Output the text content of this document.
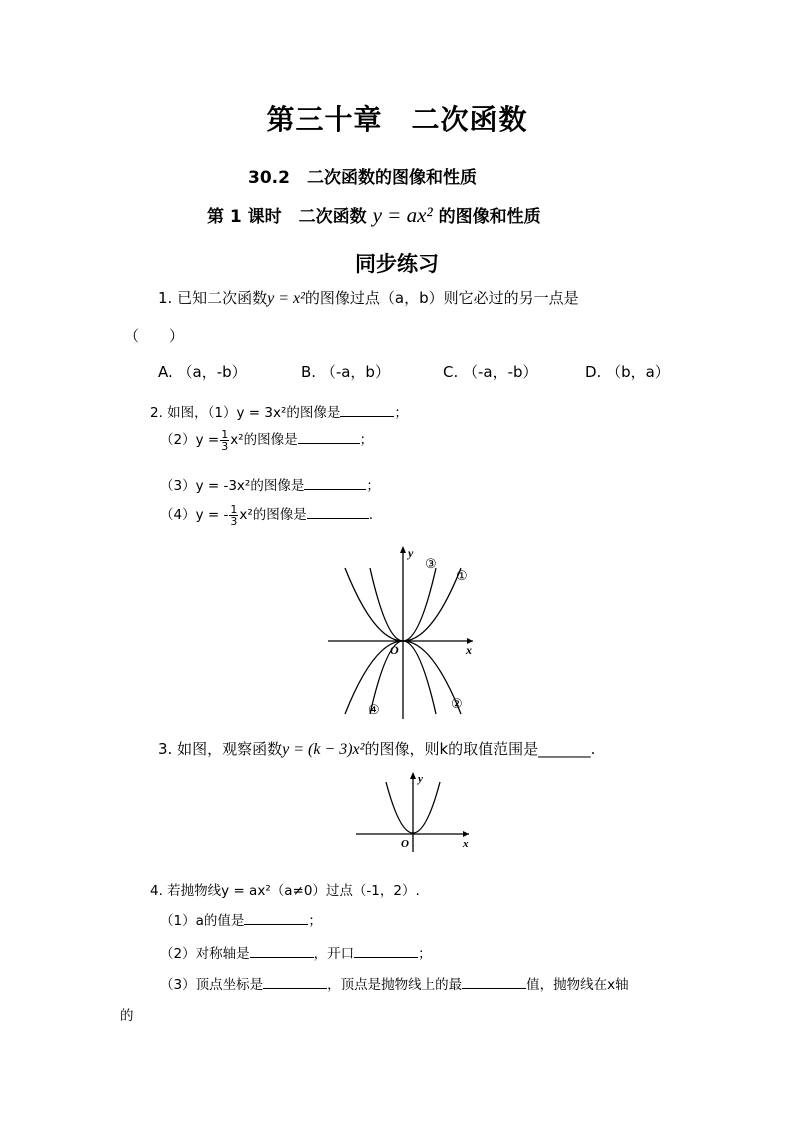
第三十章　二次函数
30.2　二次函数的图像和性质
第 1 课时　二次函数 y = ax² 的图像和性质
同步练习
1. 已知二次函数y = x²的图像过点（a，b）则它必过的另一点是
（　　）
A. （a，-b）	B. （-a，b）	C. （-a，-b）	D. （b，a）
2. 如图，（1）y = 3x²的图像是	；
$(2)y = \frac{1}{3} x^2$的图像是	；
（3）y = -3x²的图像是	；
（4）y = - $\frac{1}{3} x^2$的图像是	.
x
y
O
①
③
②
④
3. 如图，观察函数y = (k − 3)x²的图像，则k的取值范围是_______.
x
y
O
4. 若抛物线y = ax²（a≠0）过点（-1，2）.
（1）a的值是	；
（2）对称轴是	，开口	；
（3）顶点坐标是	，顶点是抛物线上的最	值，抛物线在x轴
的
